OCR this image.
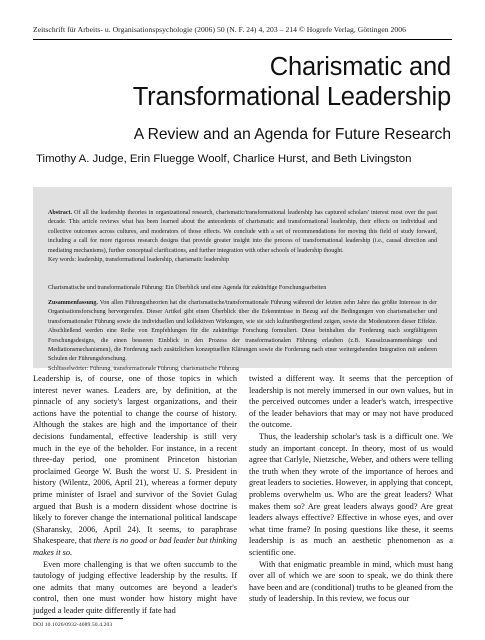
Zeitschrift für Arbeits- u. Organisationspsychologie (2006) 50 (N. F. 24) 4, 203 – 214 © Hogrefe Verlag, Göttingen 2006
Charismatic and
Transformational Leadership
A Review and an Agenda for Future Research
Timothy A. Judge, Erin Fluegge Woolf, Charlice Hurst, and Beth Livingston
Abstract. Of all the leadership theories in organizational research, charismatic/transformational leadership has captured scholars' interest most over the past decade. This article reviews what has been learned about the antecedents of charismatic and transformational leadership, their effects on individual and collective outcomes across cultures, and moderators of those effects. We conclude with a set of recommendations for moving this field of study forward, including a call for more rigorous research designs that provide greater insight into the process of transformational leadership (i.e., causal direction and mediating mechanisms), further conceptual clarifications, and further integration with other schools of leadership thought.
Key words: leadership, transformational leadership, charismatic leadership
Charismatische und transformationale Führung: Ein Überblick und eine Agenda für zukünftige Forschungsarbeiten
Zusammenfassung. Von allen Führungstheorien hat die charismatische/transformationale Führung während der letzten zehn Jahre das größte Interesse in der Organisationsforschung hervorgerufen. Dieser Artikel gibt einen Überblick über die Erkenntnisse in Bezug auf die Bedingungen von charismatischer und transformationaler Führung sowie die individuellen und kollektiven Wirkungen, wie sie sich kulturübergreifend zeigen, sowie die Moderatoren dieser Effekte. Abschließend werden eine Reihe von Empfehlungen für die zukünftige Forschung formuliert. Diese beinhalten die Forderung nach sorgfältigeren Forschungsdesigns, die einen besseren Einblick in den Prozess der transformationalen Führung erlauben (z.B. Kausalzusammenhänge und Mediationsmechanismen), die Forderung nach zusätzlichen konzeptuellen Klärungen sowie die Forderung nach einer weitergehenden Integration mit anderen Schulen der Führungsforschung.
Schlüsselwörter: Führung, transformationale Führung, charismatische Führung

Leadership is, of course, one of those topics in which interest never wanes. Leaders are, by definition, at the pinnacle of any society's largest organizations, and their actions have the potential to change the course of history. Although the stakes are high and the importance of their decisions fundamental, effective leadership is still very much in the eye of the beholder. For instance, in a recent three-day period, one prominent Princeton historian proclaimed George W. Bush the worst U. S. President in history (Wilentz, 2006, April 21), whereas a former deputy prime minister of Israel and survivor of the Soviet Gulag argued that Bush is a modern dissident whose doctrine is likely to forever change the international political landscape (Sharansky, 2006, April 24). It seems, to paraphrase Shakespeare, that there is no good or bad leader but thinking makes it so.

Even more challenging is that we often succumb to the tautology of judging effective leadership by the results. If one admits that many outcomes are beyond a leader's control, then one must wonder how history might have judged a leader quite differently if fate had

twisted a different way. It seems that the perception of leadership is not merely immersed in our own values, but in the perceived outcomes under a leader's watch, irrespective of the leader behaviors that may or may not have produced the outcome.

Thus, the leadership scholar's task is a difficult one. We study an important concept. In theory, most of us would agree that Carlyle, Nietzsche, Weber, and others were telling the truth when they wrote of the importance of heroes and great leaders to societies. However, in applying that concept, problems overwhelm us. Who are the great leaders? What makes them so? Are great leaders always good? Are great leaders always effective? Effective in whose eyes, and over what time frame? In posing questions like these, it seems leadership is as much an aesthetic phenomenon as a scientific one.

With that enigmatic preamble in mind, which must hang over all of which we are soon to speak, we do think there have been and are (conditional) truths to be gleaned from the study of leadership. In this review, we focus our

DOI 10.1026/0932-4089.50.4.203
